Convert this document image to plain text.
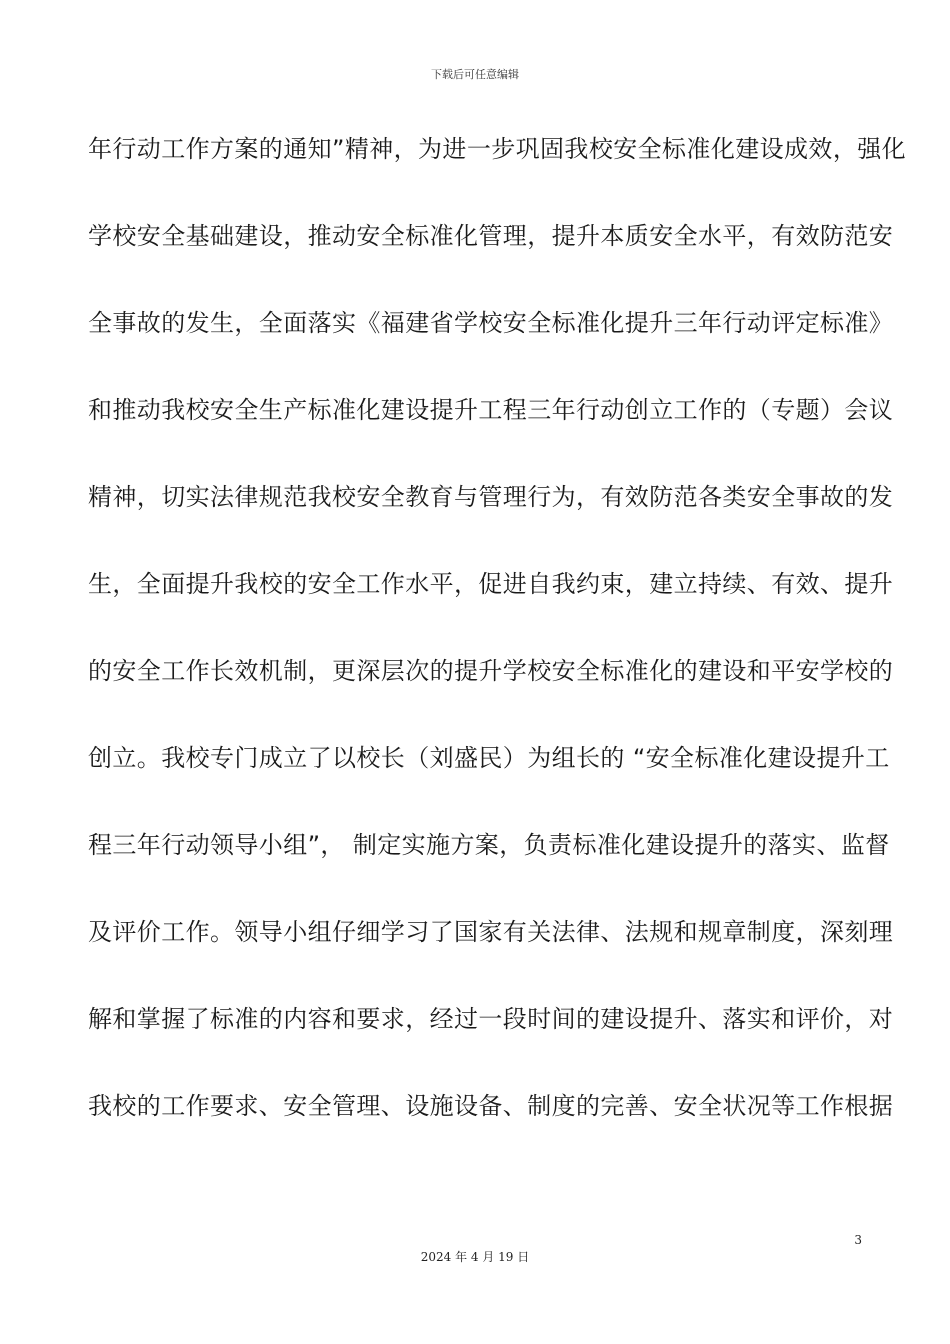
下载后可任意编辑
年行动工作方案的通知”精神，为进一步巩固我校安全标准化建设成效，强化
学校安全基础建设，推动安全标准化管理，提升本质安全水平，有效防范安
全事故的发生，全面落实《福建省学校安全标准化提升三年行动评定标准》
和推动我校安全生产标准化建设提升工程三年行动创立工作的（专题）会议
精神，切实法律规范我校安全教育与管理行为，有效防范各类安全事故的发
生，全面提升我校的安全工作水平，促进自我约束，建立持续、有效、提升
的安全工作长效机制，更深层次的提升学校安全标准化的建设和平安学校的
创立。我校专门成立了以校长（刘盛民）为组长的 “安全标准化建设提升工
程三年行动领导小组”， 制定实施方案，负责标准化建设提升的落实、监督
及评价工作。领导小组仔细学习了国家有关法律、法规和规章制度，深刻理
解和掌握了标准的内容和要求，经过一段时间的建设提升、落实和评价，对
我校的工作要求、安全管理、设施设备、制度的完善、安全状况等工作根据
3
2024 年 4 月 19 日
